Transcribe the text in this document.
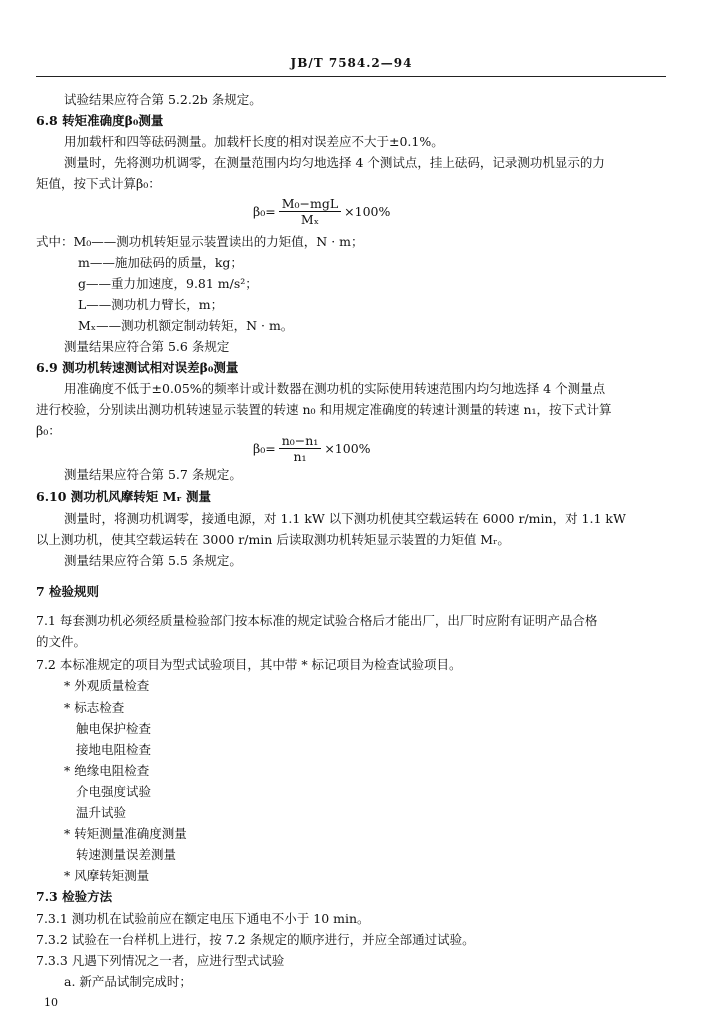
JB/T 7584.2—94
试验结果应符合第 5.2.2b 条规定。
6.8 转矩准确度β₀测量
用加载杆和四等砝码测量。加载杆长度的相对误差应不大于±0.1%。
测量时，先将测功机调零，在测量范围内均匀地选择 4 个测试点，挂上砝码，记录测功机显示的力
矩值，按下式计算β₀：
$\beta_0= \frac{\text{M₀−mgL}}{\text{Mₓ}} \times 100\%$
式中：M₀——测功机转矩显示装置读出的力矩值，N · m；
m——施加砝码的质量，kg；
g——重力加速度，9.81 m/s²；
L——测功机力臂长，m；
Mₓ——测功机额定制动转矩，N · m。
测量结果应符合第 5.6 条规定
6.9 测功机转速测试相对误差β₀测量
用准确度不低于±0.05%的频率计或计数器在测功机的实际使用转速范围内均匀地选择 4 个测量点
进行校验，分别读出测功机转速显示装置的转速 n₀ 和用规定准确度的转速计测量的转速 n₁，按下式计算
β₀：
$\beta_0= \frac{\text{n₀−n₁}}{\text{n₁}} \times 100\%$
测量结果应符合第 5.7 条规定。
6.10 测功机风摩转矩 Mᵣ 测量
测量时，将测功机调零，接通电源，对 1.1 kW 以下测功机使其空载运转在 6000 r/min，对 1.1 kW
以上测功机，使其空载运转在 3000 r/min 后读取测功机转矩显示装置的力矩值 Mᵣ。
测量结果应符合第 5.5 条规定。
7 检验规则
7.1 每套测功机必须经质量检验部门按本标准的规定试验合格后才能出厂，出厂时应附有证明产品合格
的文件。
7.2 本标准规定的项目为型式试验项目，其中带 * 标记项目为检查试验项目。
* 外观质量检查
* 标志检查
触电保护检查
接地电阻检查
* 绝缘电阻检查
介电强度试验
温升试验
* 转矩测量准确度测量
转速测量误差测量
* 风摩转矩测量
7.3 检验方法
7.3.1 测功机在试验前应在额定电压下通电不小于 10 min。
7.3.2 试验在一台样机上进行，按 7.2 条规定的顺序进行，并应全部通过试验。
7.3.3 凡遇下列情况之一者，应进行型式试验
a. 新产品试制完成时；
10
